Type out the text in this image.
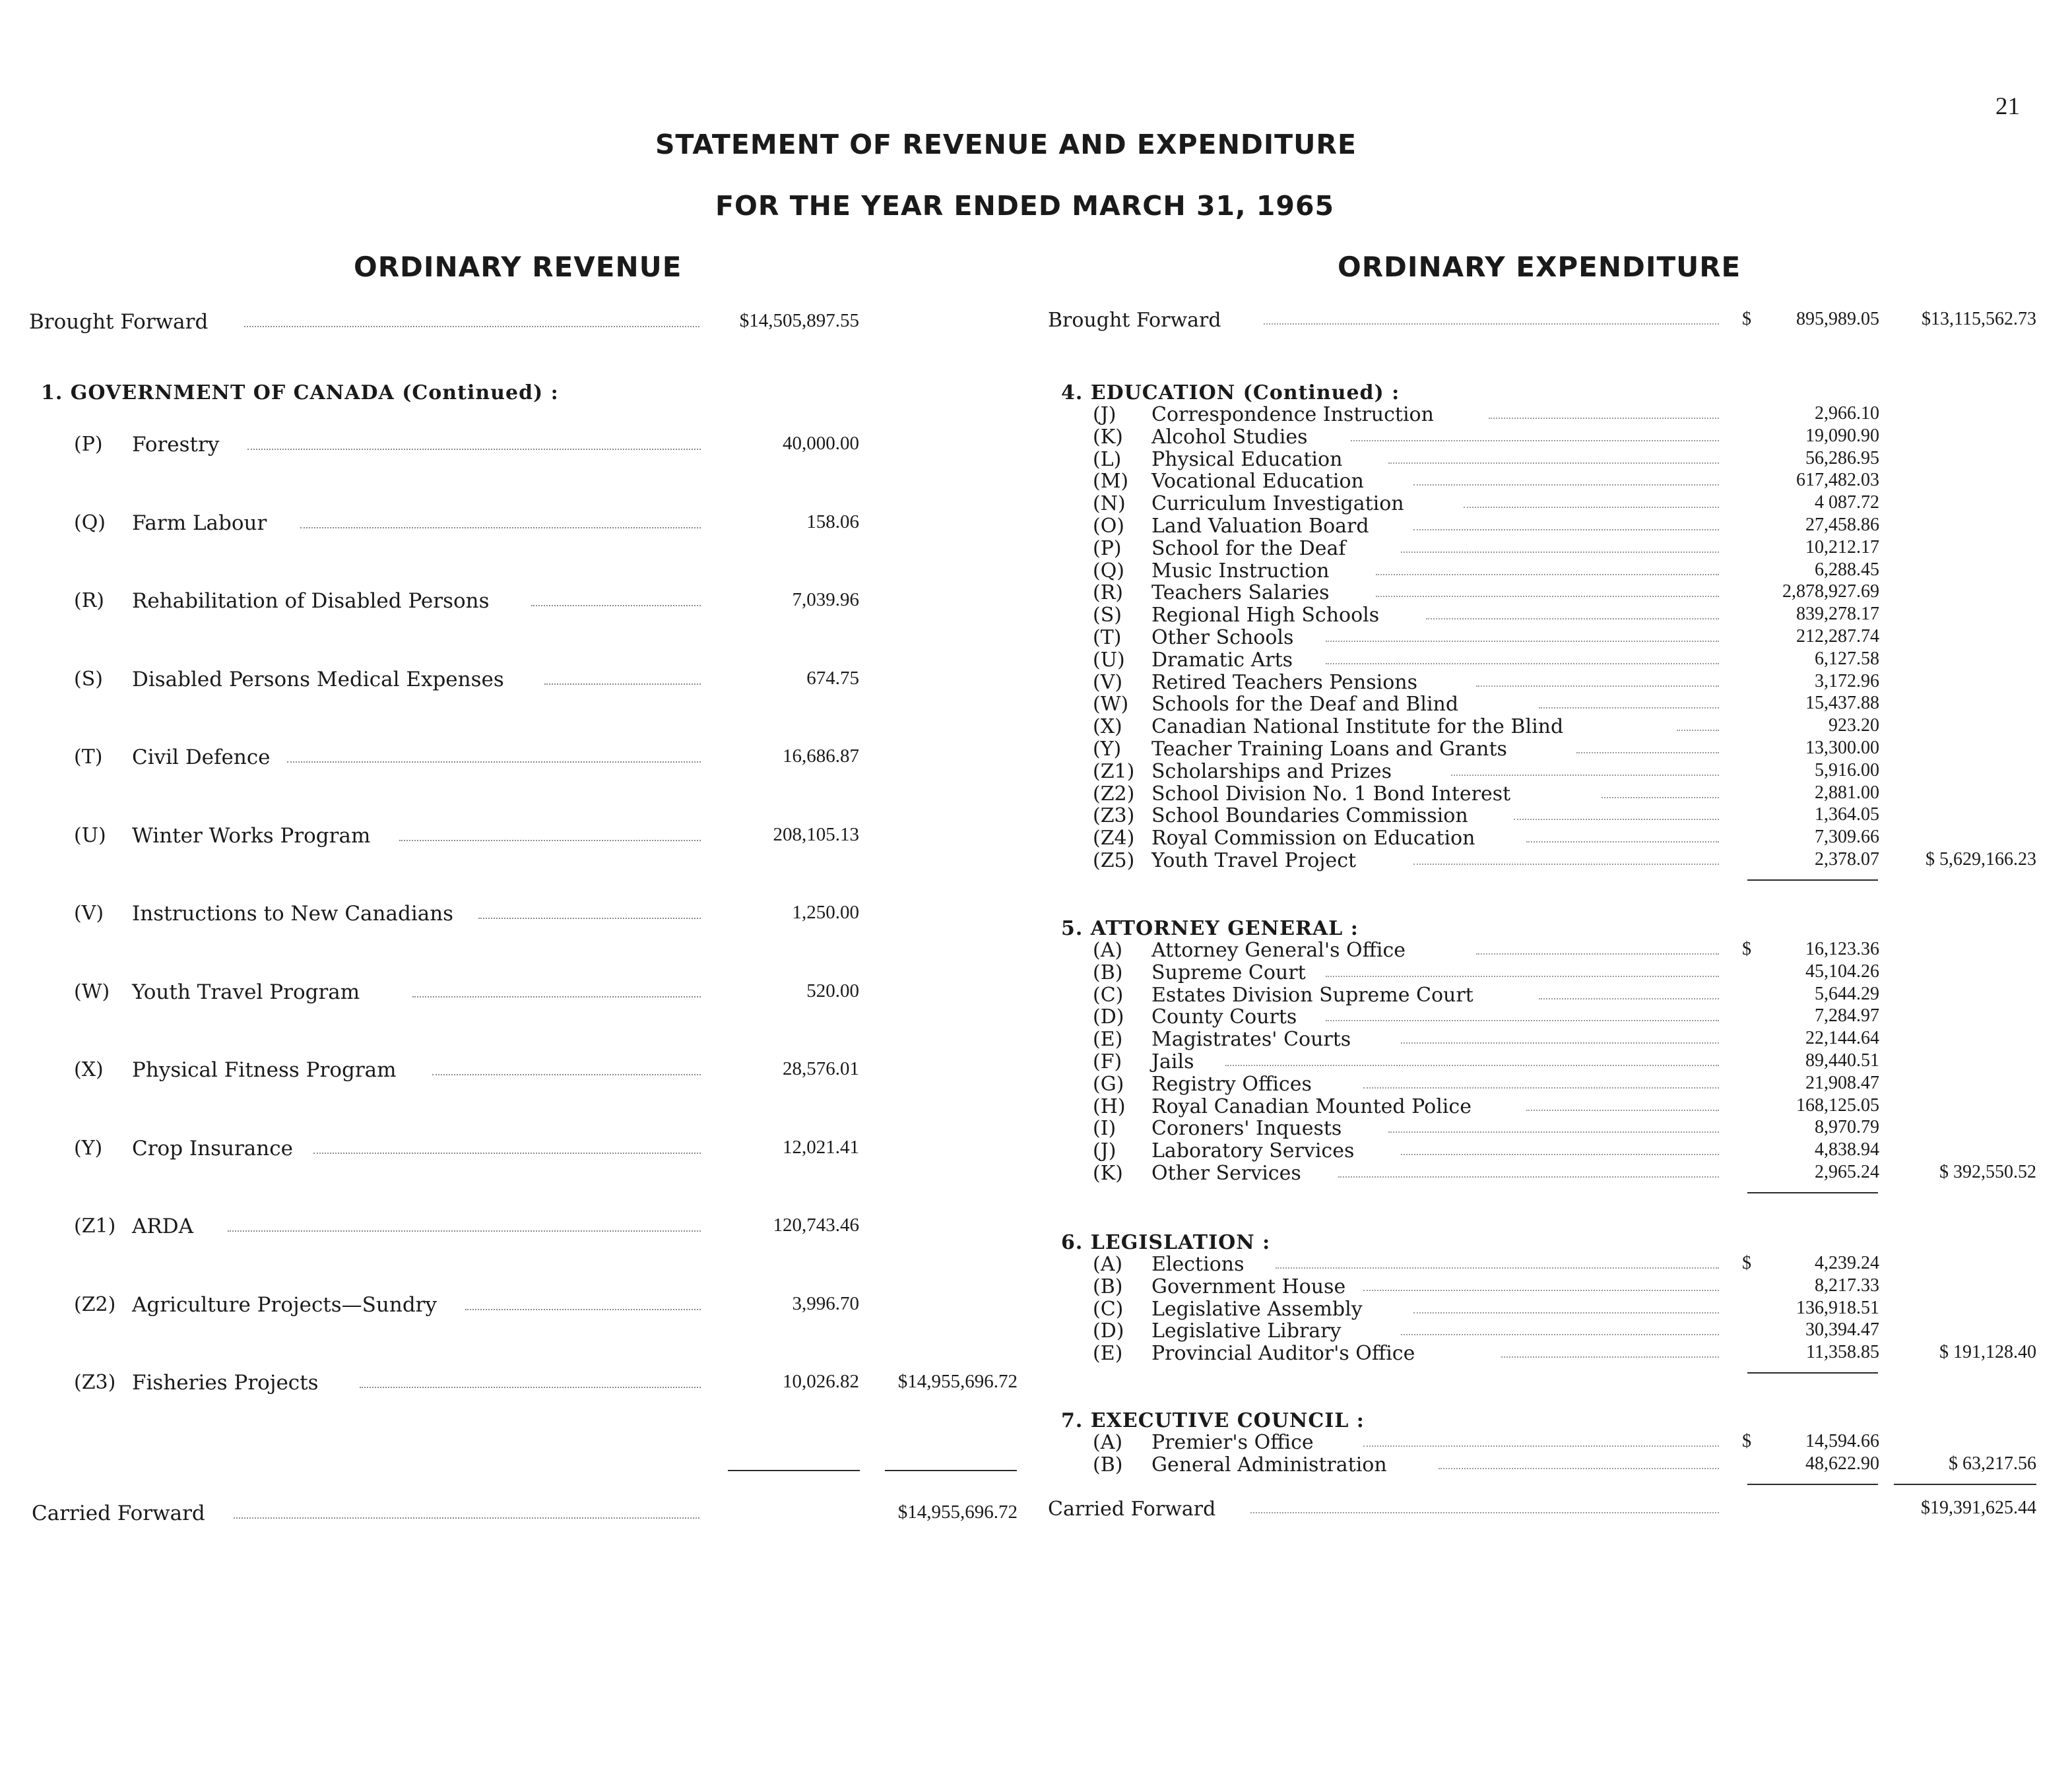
21
STATEMENT OF REVENUE AND EXPENDITURE
FOR THE YEAR ENDED MARCH 31, 1965
ORDINARY REVENUE
Brought Forward	$14,505,897.55
1. GOVERNMENT OF CANADA (Continued) :
(P) Forestry	40,000.00
(Q) Farm Labour	158.06
(R) Rehabilitation of Disabled Persons	7,039.96
(S) Disabled Persons Medical Expenses	674.75
(T) Civil Defence	16,686.87
(U) Winter Works Program	208,105.13
(V) Instructions to New Canadians	1,250.00
(W) Youth Travel Program	520.00
(X) Physical Fitness Program	28,576.01
(Y) Crop Insurance	12,021.41
(Z1) ARDA	120,743.46
(Z2) Agriculture Projects—Sundry	3,996.70
(Z3) Fisheries Projects	10,026.82	$14,955,696.72
Carried Forward	$14,955,696.72
ORDINARY EXPENDITURE
Brought Forward	$	895,989.05	$13,115,562.73
4. EDUCATION (Continued) :
(J) Correspondence Instruction	2,966.10
(K) Alcohol Studies	19,090.90
(L) Physical Education	56,286.95
(M) Vocational Education	617,482.03
(N) Curriculum Investigation	4 087.72
(O) Land Valuation Board	27,458.86
(P) School for the Deaf	10,212.17
(Q) Music Instruction	6,288.45
(R) Teachers Salaries	2,878,927.69
(S) Regional High Schools	839,278.17
(T) Other Schools	212,287.74
(U) Dramatic Arts	6,127.58
(V) Retired Teachers Pensions	3,172.96
(W) Schools for the Deaf and Blind	15,437.88
(X) Canadian National Institute for the Blind	923.20
(Y) Teacher Training Loans and Grants	13,300.00
(Z1) Scholarships and Prizes	5,916.00
(Z2) School Division No. 1 Bond Interest	2,881.00
(Z3) School Boundaries Commission	1,364.05
(Z4) Royal Commission on Education	7,309.66
(Z5) Youth Travel Project	2,378.07	$ 5,629,166.23
5. ATTORNEY GENERAL :
(A) Attorney General's Office	$	16,123.36
(B) Supreme Court	45,104.26
(C) Estates Division Supreme Court	5,644.29
(D) County Courts	7,284.97
(E) Magistrates' Courts	22,144.64
(F) Jails	89,440.51
(G) Registry Offices	21,908.47
(H) Royal Canadian Mounted Police	168,125.05
(I) Coroners' Inquests	8,970.79
(J) Laboratory Services	4,838.94
(K) Other Services	2,965.24	$ 392,550.52
6. LEGISLATION :
(A) Elections	$	4,239.24
(B) Government House	8,217.33
(C) Legislative Assembly	136,918.51
(D) Legislative Library	30,394.47
(E) Provincial Auditor's Office	11,358.85	$ 191,128.40
7. EXECUTIVE COUNCIL :
(A) Premier's Office	$	14,594.66
(B) General Administration	48,622.90	$ 63,217.56
Carried Forward	$19,391,625.44
